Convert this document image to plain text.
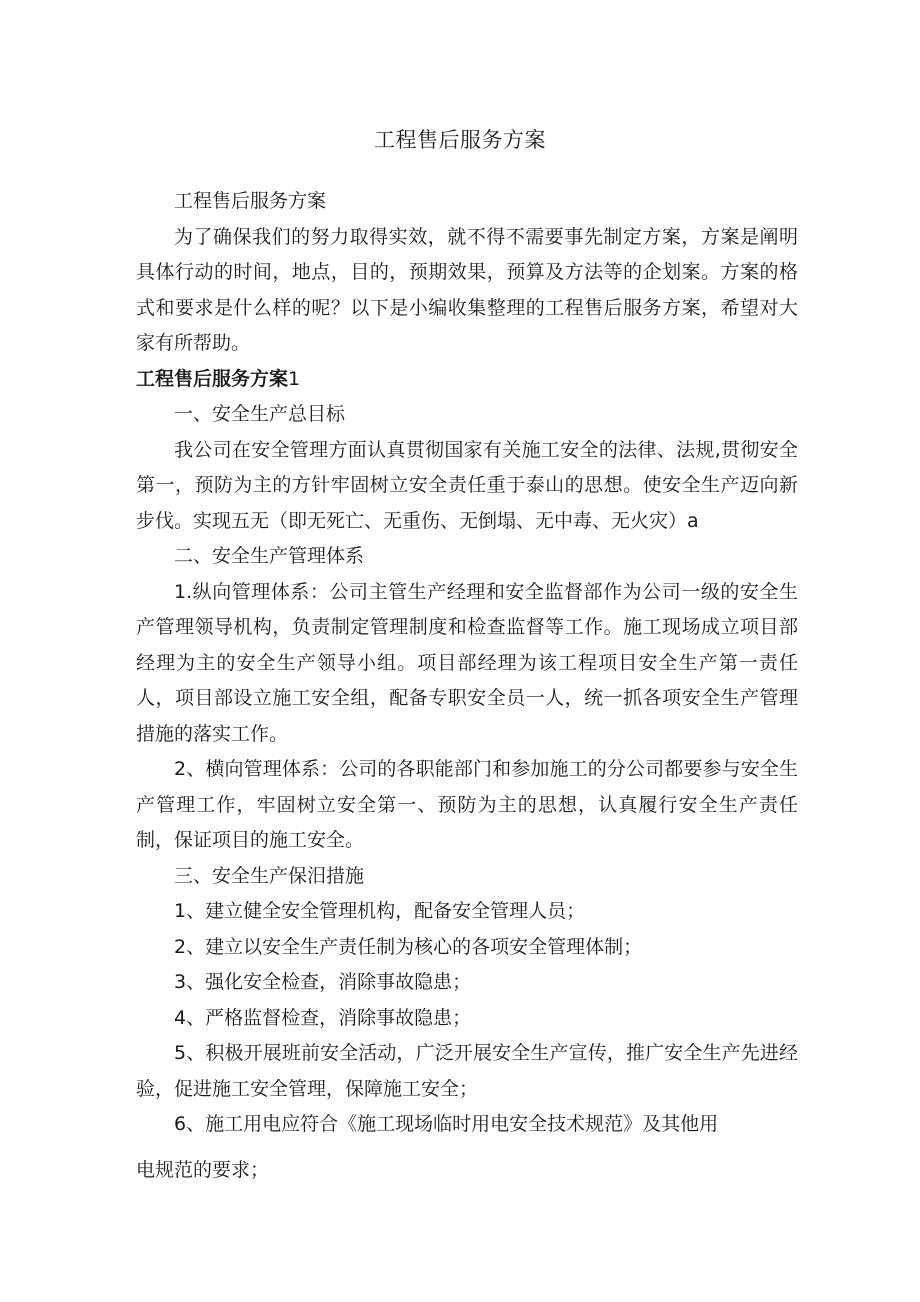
工程售后服务方案

工程售后服务方案

为了确保我们的努力取得实效，就不得不需要事先制定方案，方案是阐明具体行动的时间，地点，目的，预期效果，预算及方法等的企划案。方案的格式和要求是什么样的呢？以下是小编收集整理的工程售后服务方案，希望对大家有所帮助。

工程售后服务方案1

一、安全生产总目标

我公司在安全管理方面认真贯彻国家有关施工安全的法律、法规,贯彻安全第一，预防为主的方针牢固树立安全责任重于泰山的思想。使安全生产迈向新步伐。实现五无（即无死亡、无重伤、无倒塌、无中毒、无火灾）a

二、安全生产管理体系

1.纵向管理体系：公司主管生产经理和安全监督部作为公司一级的安全生产管理领导机构，负责制定管理制度和检查监督等工作。施工现场成立项目部经理为主的安全生产领导小组。项目部经理为该工程项目安全生产第一责任人，项目部设立施工安全组，配备专职安全员一人，统一抓各项安全生产管理措施的落实工作。

2、横向管理体系：公司的各职能部门和参加施工的分公司都要参与安全生产管理工作，牢固树立安全第一、预防为主的思想，认真履行安全生产责任制，保证项目的施工安全。

三、安全生产保汨措施

1、建立健全安全管理机构，配备安全管理人员；

2、建立以安全生产责任制为核心的各项安全管理体制；

3、强化安全检查，消除事故隐患；

4、严格监督检查，消除事故隐患；

5、积极开展班前安全活动，广泛开展安全生产宣传，推广安全生产先进经验，促进施工安全管理，保障施工安全；

6、施工用电应符合《施工现场临时用电安全技术规范》及其他用

电规范的要求；
